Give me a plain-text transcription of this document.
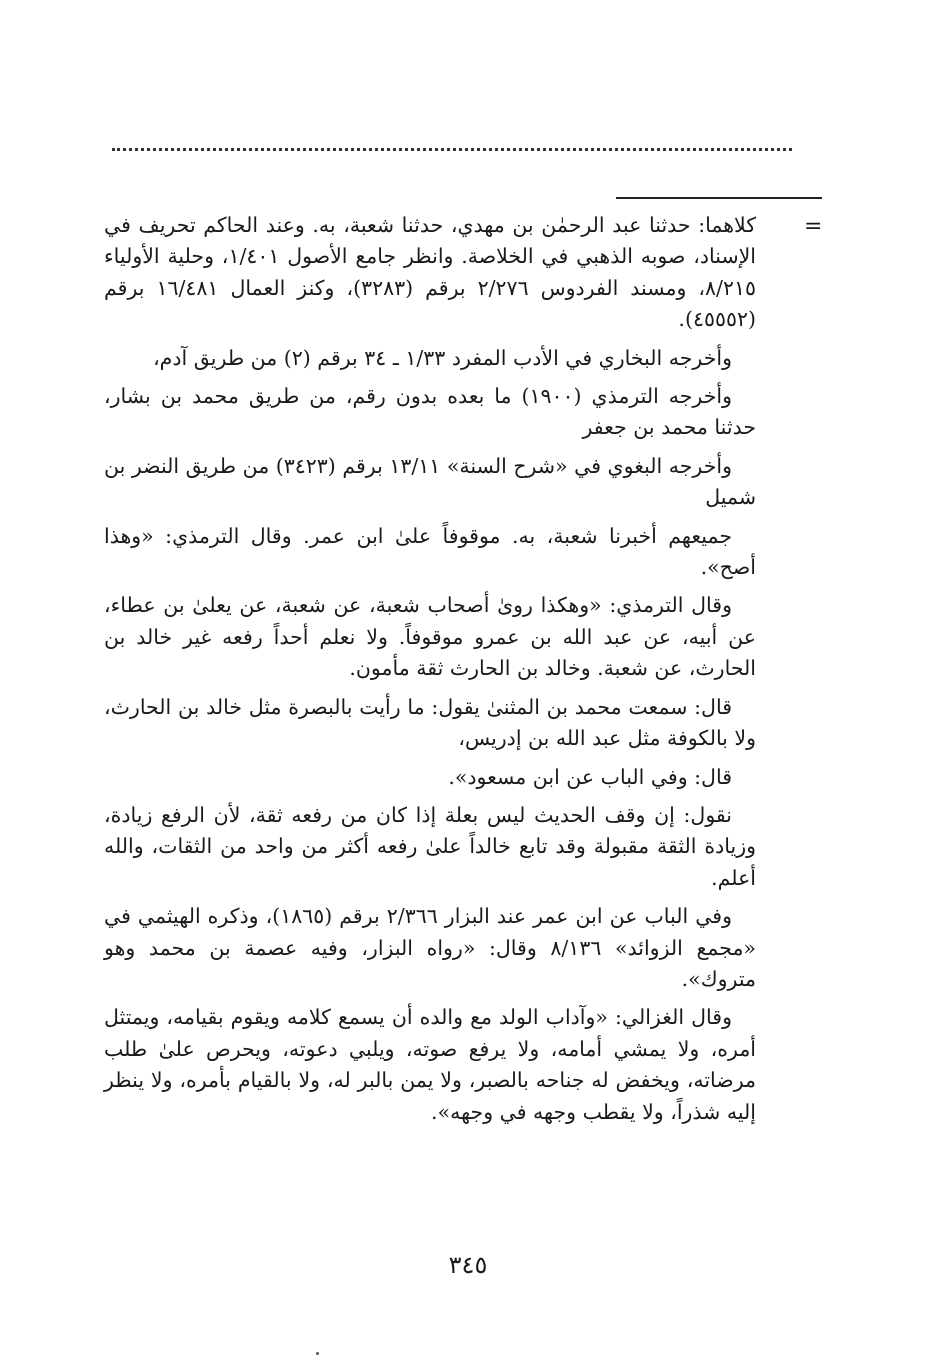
=

كلاهما: حدثنا عبد الرحمٰن بن مهدي، حدثنا شعبة، به. وعند الحاكم تحريف في الإسناد، صوبه الذهبي في الخلاصة. وانظر جامع الأصول ١/٤٠١، وحلية الأولياء ٨/٢١٥، ومسند الفردوس ٢/٢٧٦ برقم (٣٢٨٣)، وكنز العمال ١٦/٤٨١ برقم (٤٥٥٥٢).

وأخرجه البخاري في الأدب المفرد ١/٣٣ ـ ٣٤ برقم (٢) من طريق آدم،

وأخرجه الترمذي (١٩٠٠) ما بعده بدون رقم، من طريق محمد بن بشار، حدثنا محمد بن جعفر

وأخرجه البغوي في «شرح السنة» ١٣/١١ برقم (٣٤٢٣) من طريق النضر بن شميل

جميعهم أخبرنا شعبة، به. موقوفاً علىٰ ابن عمر. وقال الترمذي: «وهذا أصح».

وقال الترمذي: «وهكذا روىٰ أصحاب شعبة، عن شعبة، عن يعلىٰ بن عطاء، عن أبيه، عن عبد الله بن عمرو موقوفاً. ولا نعلم أحداً رفعه غير خالد بن الحارث، عن شعبة. وخالد بن الحارث ثقة مأمون.

قال: سمعت محمد بن المثنىٰ يقول: ما رأيت بالبصرة مثل خالد بن الحارث، ولا بالكوفة مثل عبد الله بن إدريس،

قال: وفي الباب عن ابن مسعود».

نقول: إن وقف الحديث ليس بعلة إذا كان من رفعه ثقة، لأن الرفع زيادة، وزيادة الثقة مقبولة وقد تابع خالداً علىٰ رفعه أكثر من واحد من الثقات، والله أعلم.

وفي الباب عن ابن عمر عند البزار ٢/٣٦٦ برقم (١٨٦٥)، وذكره الهيثمي في «مجمع الزوائد» ٨/١٣٦ وقال: «رواه البزار، وفيه عصمة بن محمد وهو متروك».

وقال الغزالي: «وآداب الولد مع والده أن يسمع كلامه ويقوم بقيامه، ويمتثل أمره، ولا يمشي أمامه، ولا يرفع صوته، ويلبي دعوته، ويحرص علىٰ طلب مرضاته، ويخفض له جناحه بالصبر، ولا يمن بالبر له، ولا بالقيام بأمره، ولا ينظر إليه شذراً، ولا يقطب وجهه في وجهه».

٣٤٥
